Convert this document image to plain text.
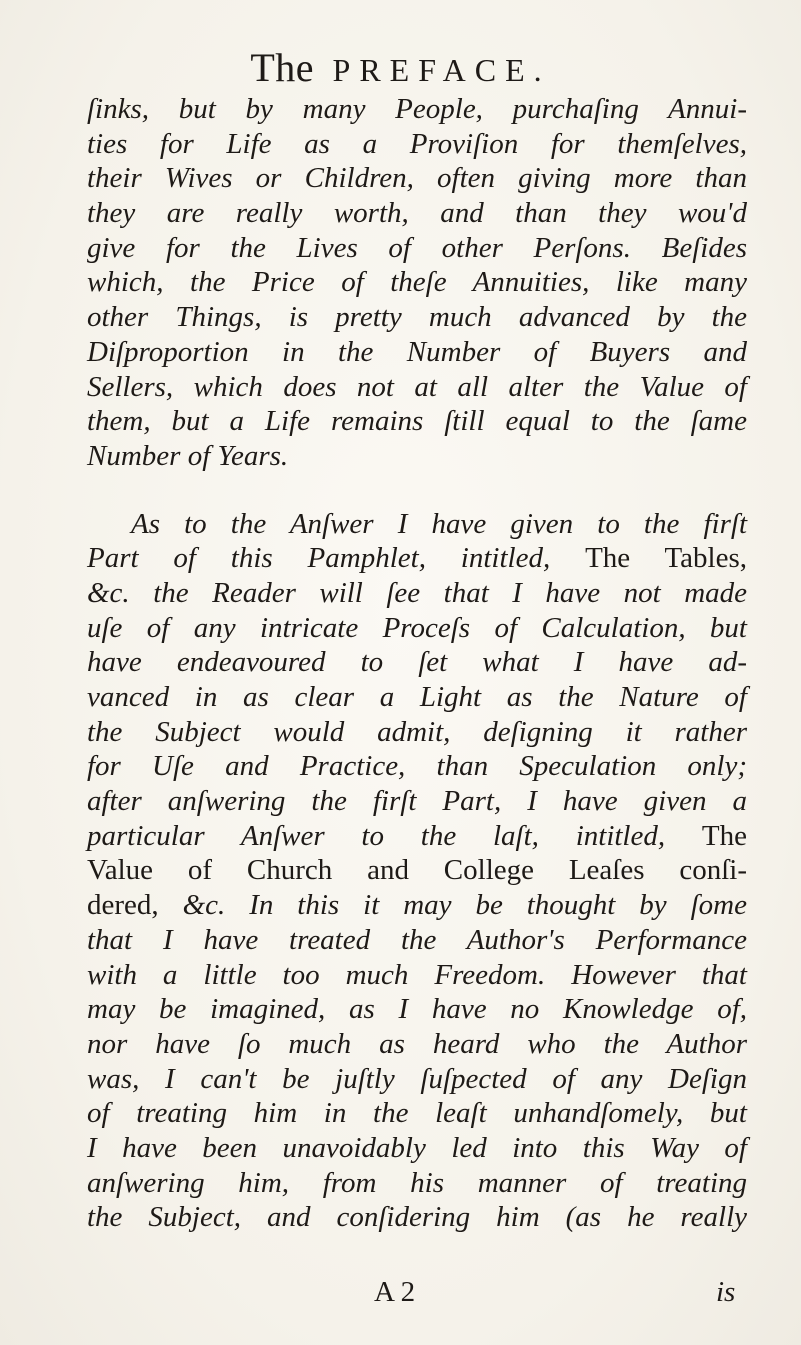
The PREFACE.
ſinks, but by many People, purchaſing Annui-
ties for Life as a Proviſion for themſelves,
their Wives or Children, often giving more than
they are really worth, and than they wou'd
give for the Lives of other Perſons. Beſides
which, the Price of theſe Annuities, like many
other Things, is pretty much advanced by the
Diſproportion in the Number of Buyers and
Sellers, which does not at all alter the Value of
them, but a Life remains ſtill equal to the ſame
Number of Years.
As to the Anſwer I have given to the firſt
Part of this Pamphlet, intitled, The Tables,
&c. the Reader will ſee that I have not made
uſe of any intricate Proceſs of Calculation, but
have endeavoured to ſet what I have ad-
vanced in as clear a Light as the Nature of
the Subject would admit, deſigning it rather
for Uſe and Practice, than Speculation only;
after anſwering the firſt Part, I have given a
particular Anſwer to the laſt, intitled, The
Value of Church and College Leaſes conſi-
dered, &c. In this it may be thought by ſome
that I have treated the Author's Performance
with a little too much Freedom. However that
may be imagined, as I have no Knowledge of,
nor have ſo much as heard who the Author
was, I can't be juſtly ſuſpected of any Deſign
of treating him in the leaſt unhandſomely, but
I have been unavoidably led into this Way of
anſwering him, from his manner of treating
the Subject, and conſidering him (as he really
A 2	is
